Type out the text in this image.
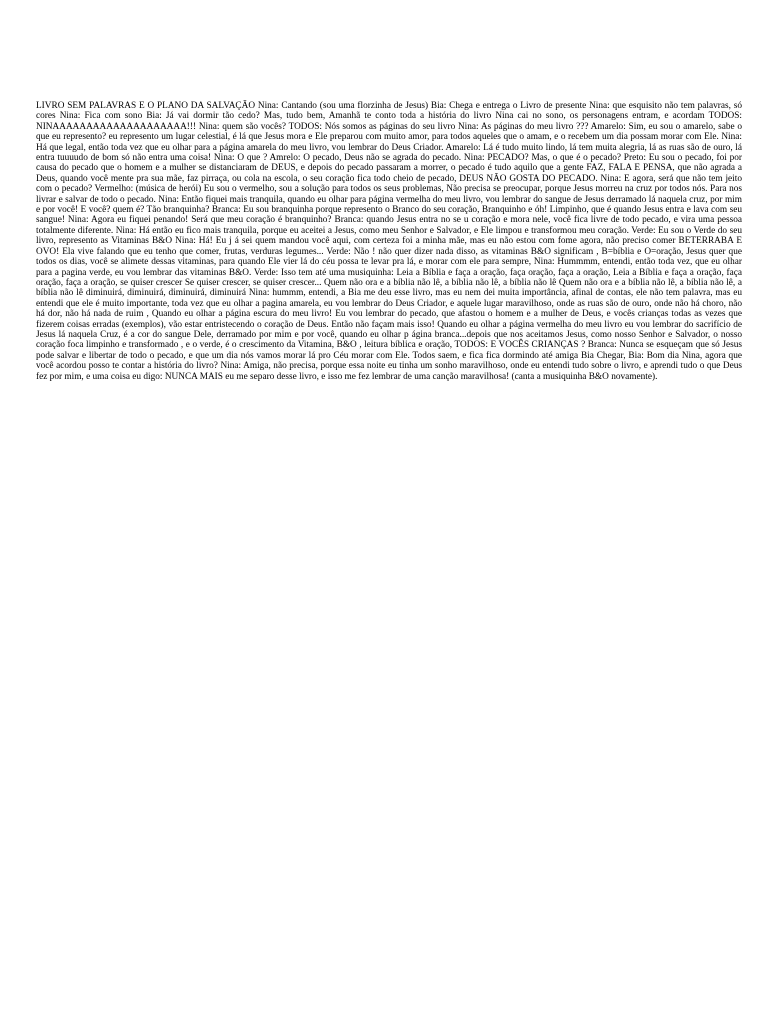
LIVRO SEM PALAVRAS E O PLANO DA SALVAÇÃO Nina: Cantando (sou uma florzinha de Jesus) Bia: Chega e entrega o Livro de presente Nina: que esquisito não tem palavras, só cores Nina: Fica com sono Bia: Já vai dormir tão cedo? Mas, tudo bem, Amanhã te conto toda a história do livro Nina cai no sono, os personagens entram, e acordam TODOS: NINAAAAAAAAAAAAAAAAAAAA!!! Nina: quem são vocês? TODOS: Nós somos as páginas do seu livro Nina: As páginas do meu livro ??? Amarelo: Sim, eu sou o amarelo, sabe o que eu represento? eu represento um lugar celestial, é lá que Jesus mora e Ele preparou com muito amor, para todos aqueles que o amam, e o recebem um dia possam morar com Ele. Nina: Há que legal, então toda vez que eu olhar para a página amarela do meu livro, vou lembrar do Deus Criador. Amarelo: Lá é tudo muito lindo, lá tem muita alegria, lá as ruas são de ouro, lá entra tuuuudo de bom só não entra uma coisa! Nina: O que ? Amrelo: O pecado, Deus não se agrada do pecado. Nina: PECADO? Mas, o que é o pecado? Preto: Eu sou o pecado, foi por causa do pecado que o homem e a mulher se distanciaram de DEUS, e depois do pecado passaram a morrer, o pecado é tudo aquilo que a gente FAZ, FALA E PENSA, que não agrada a Deus, quando você mente pra sua mãe, faz pirraça, ou cola na escola, o seu coração fica todo cheio de pecado, DEUS NÃO GOSTA DO PECADO. Nina: E agora, será que não tem jeito com o pecado? Vermelho: (música de herói) Eu sou o vermelho, sou a solução para todos os seus problemas, Não precisa se preocupar, porque Jesus morreu na cruz por todos nós. Para nos livrar e salvar de todo o pecado. Nina: Então fiquei mais tranquila, quando eu olhar para página vermelha do meu livro, vou lembrar do sangue de Jesus derramado lá naquela cruz, por mim e por você! E você? quem é? Tão branquinha? Branca: Eu sou branquinha porque represento o Branco do seu coração, Branquinho e óh! Limpinho, que é quando Jesus entra e lava com seu sangue! Nina: Agora eu fiquei penando! Será que meu coração é branquinho? Branca: quando Jesus entra no se u coração e mora nele, você fica livre de todo pecado, e vira uma pessoa totalmente diferente. Nina: Há então eu fico mais tranquila, porque eu aceitei a Jesus, como meu Senhor e Salvador, e Ele limpou e transformou meu coração. Verde: Eu sou o Verde do seu livro, represento as Vitaminas B&O Nina: Há! Eu j á sei quem mandou você aqui, com certeza foi a minha mãe, mas eu não estou com fome agora, não preciso comer BETERRABA E OVO! Ela vive falando que eu tenho que comer, frutas, verduras legumes... Verde: Não ! não quer dizer nada disso, as vitaminas B&O significam , B=bíblia e O=oração, Jesus quer que todos os dias, você se alimete dessas vitaminas, para quando Ele vier lá do céu possa te levar pra lá, e morar com ele para sempre, Nina: Hummmm, entendi, então toda vez, que eu olhar para a pagina verde, eu vou lembrar das vitaminas B&O. Verde: Isso tem até uma musiquinha: Leia a Bíblia e faça a oração, faça oração, faça a oração, Leia a Bíblia e faça a oração, faça oração, faça a oração, se quiser crescer Se quiser crescer, se quiser crescer... Quem não ora e a bíblia não lê, a bíblia não lê, a bíblia não lê Quem não ora e a bíblia não lê, a bíblia não lê, a bíblia não lê diminuirá, diminuirá, diminuirá, diminuirá Nina: hummm, entendi, a Bia me deu esse livro, mas eu nem dei muita importância, afinal de contas, ele não tem palavra, mas eu entendi que ele é muito importante, toda vez que eu olhar a pagina amarela, eu vou lembrar do Deus Criador, e aquele lugar maravilhoso, onde as ruas são de ouro, onde não há choro, não há dor, não há nada de ruim , Quando eu olhar a página escura do meu livro! Eu vou lembrar do pecado, que afastou o homem e a mulher de Deus, e vocês crianças todas as vezes que fizerem coisas erradas (exemplos), vão estar entristecendo o coração de Deus. Então não façam mais isso! Quando eu olhar a página vermelha do meu livro eu vou lembrar do sacrifício de Jesus lá naquela Cruz, é a cor do sangue Dele, derramado por mim e por você, quando eu olhar p ágina branca...depois que nos aceitamos Jesus, como nosso Senhor e Salvador, o nosso coração foca limpinho e transformado , e o verde, é o crescimento da Vitamina, B&O , leitura bíblica e oração, TODOS: E VOCÊS CRIANÇAS ? Branca: Nunca se esqueçam que só Jesus pode salvar e libertar de todo o pecado, e que um dia nós vamos morar lá pro Céu morar com Ele. Todos saem, e fica fica dormindo até amiga Bia Chegar, Bia: Bom dia Nina, agora que você acordou posso te contar a história do livro? Nina: Amiga, não precisa, porque essa noite eu tinha um sonho maravilhoso, onde eu entendi tudo sobre o livro, e aprendi tudo o que Deus fez por mim, e uma coisa eu digo: NUNCA MAIS eu me separo desse livro, e isso me fez lembrar de uma canção maravilhosa! (canta a musiquinha B&O novamente).
